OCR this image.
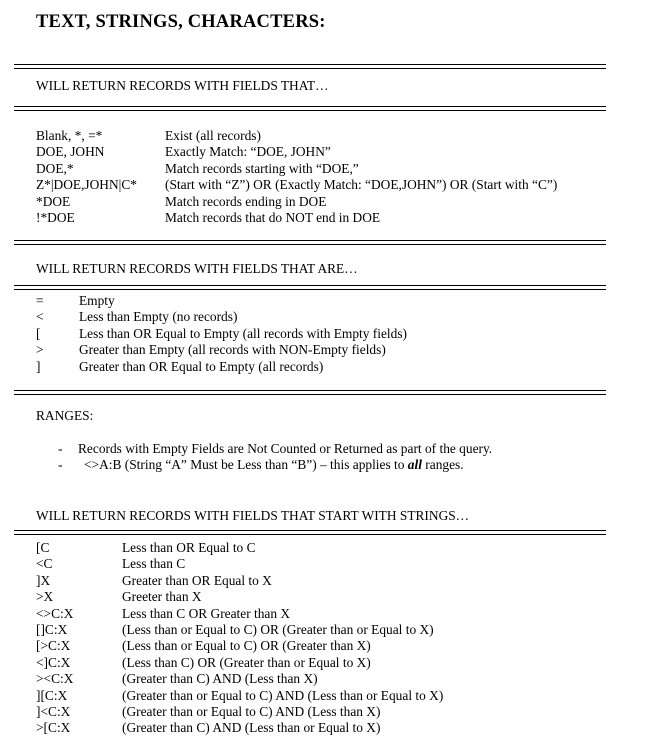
TEXT, STRINGS, CHARACTERS:
WILL RETURN RECORDS WITH FIELDS THAT…
Blank, *, =*	Exist (all records)
DOE, JOHN	Exactly Match: “DOE, JOHN”
DOE,*	Match records starting with “DOE,”
Z*|DOE,JOHN|C* (Start with “Z”) OR (Exactly Match: “DOE,JOHN”) OR (Start with “C”)
*DOE	Match records ending in DOE
!*DOE	Match records that do NOT end in DOE
WILL RETURN RECORDS WITH FIELDS THAT ARE…
=	Empty
<	Less than Empty (no records)
[	Less than OR Equal to Empty (all records with Empty fields)
>	Greater than Empty (all records with NON-Empty fields)
]	Greater than OR Equal to Empty (all records)
RANGES:
- Records with Empty Fields are Not Counted or Returned as part of the query.
- <>A:B (String “A” Must be Less than “B”) – this applies to all ranges.
WILL RETURN RECORDS WITH FIELDS THAT START WITH STRINGS…
[C	Less than OR Equal to C
<C	Less than C
]X	Greater than OR Equal to X
>X	Greeter than X
<>C:X	Less than C OR Greater than X
[]C:X	(Less than or Equal to C) OR (Greater than or Equal to X)
[>C:X	(Less than or Equal to C) OR (Greater than X)
<]C:X	(Less than C) OR (Greater than or Equal to X)
><C:X	(Greater than C) AND (Less than X)
][C:X	(Greater than or Equal to C) AND (Less than or Equal to X)
]<C:X	(Greater than or Equal to C) AND (Less than X)
>[C:X	(Greater than C) AND (Less than or Equal to X)
